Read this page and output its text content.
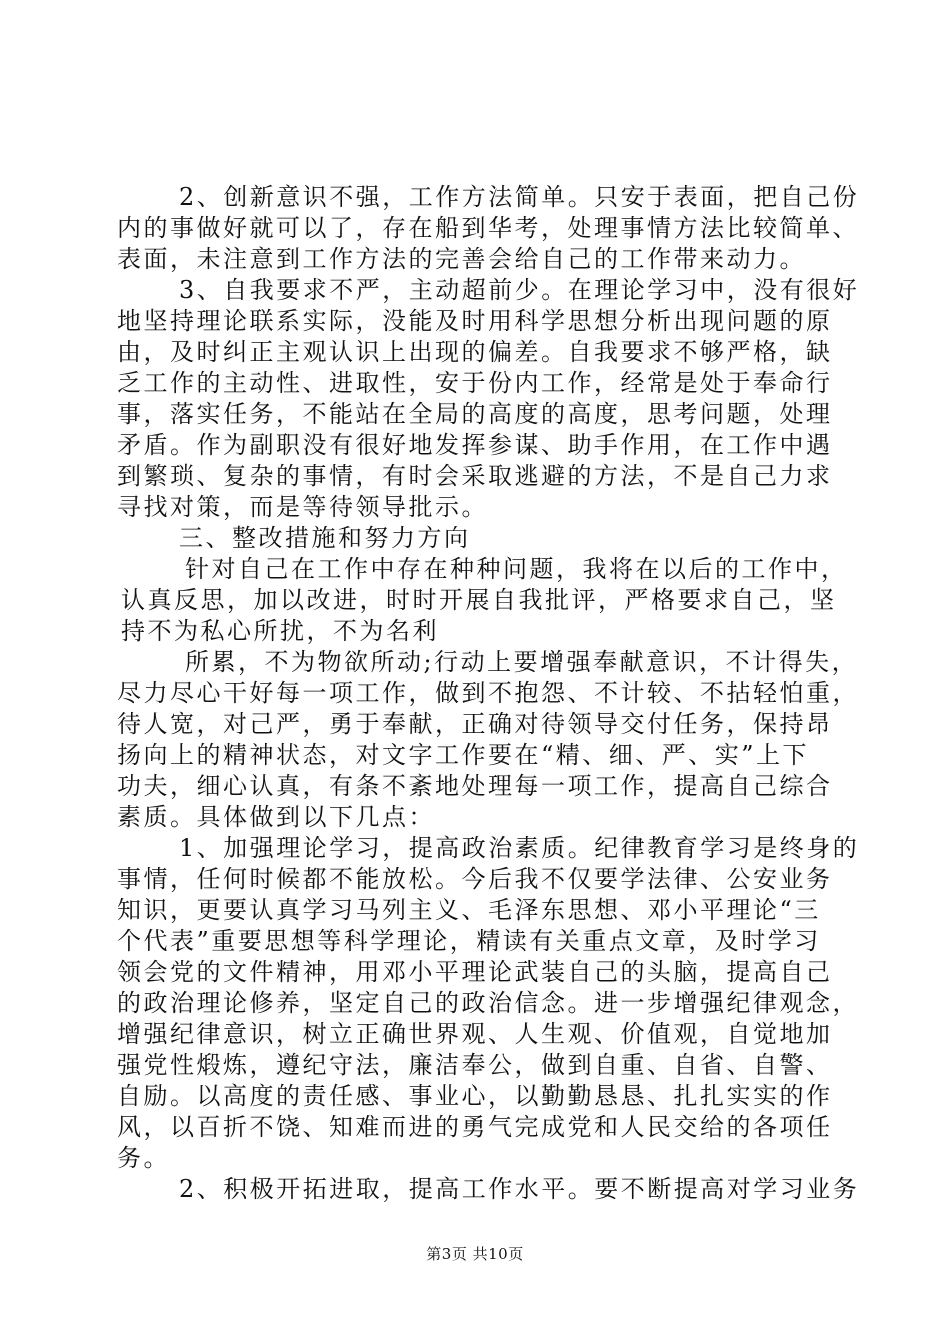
2、创新意识不强，工作方法简单。只安于表面，把自己份
内的事做好就可以了，存在船到华考，处理事情方法比较简单、
表面，未注意到工作方法的完善会给自己的工作带来动力。
3、自我要求不严，主动超前少。在理论学习中，没有很好
地坚持理论联系实际，没能及时用科学思想分析出现问题的原
由，及时纠正主观认识上出现的偏差。自我要求不够严格，缺
乏工作的主动性、进取性，安于份内工作，经常是处于奉命行
事，落实任务，不能站在全局的高度的高度，思考问题，处理
矛盾。作为副职没有很好地发挥参谋、助手作用，在工作中遇
到繁琐、复杂的事情，有时会采取逃避的方法，不是自己力求
寻找对策，而是等待领导批示。
三、整改措施和努力方向
针对自己在工作中存在种种问题，我将在以后的工作中，
认真反思，加以改进，时时开展自我批评，严格要求自己，坚
持不为私心所扰，不为名利
所累，不为物欲所动;行动上要增强奉献意识，不计得失，
尽力尽心干好每一项工作，做到不抱怨、不计较、不拈轻怕重，
待人宽，对己严，勇于奉献，正确对待领导交付任务，保持昂
扬向上的精神状态，对文字工作要在“精、细、严、实”上下
功夫，细心认真，有条不紊地处理每一项工作，提高自己综合
素质。具体做到以下几点：
1、加强理论学习，提高政治素质。纪律教育学习是终身的
事情，任何时候都不能放松。今后我不仅要学法律、公安业务
知识，更要认真学习马列主义、毛泽东思想、邓小平理论“三
个代表”重要思想等科学理论，精读有关重点文章，及时学习
领会党的文件精神，用邓小平理论武装自己的头脑，提高自己
的政治理论修养，坚定自己的政治信念。进一步增强纪律观念，
增强纪律意识，树立正确世界观、人生观、价值观，自觉地加
强党性煅炼，遵纪守法，廉洁奉公，做到自重、自省、自警、
自励。以高度的责任感、事业心，以勤勤恳恳、扎扎实实的作
风，以百折不饶、知难而进的勇气完成党和人民交给的各项任
务。
2、积极开拓进取，提高工作水平。要不断提高对学习业务
第3页 共10页
